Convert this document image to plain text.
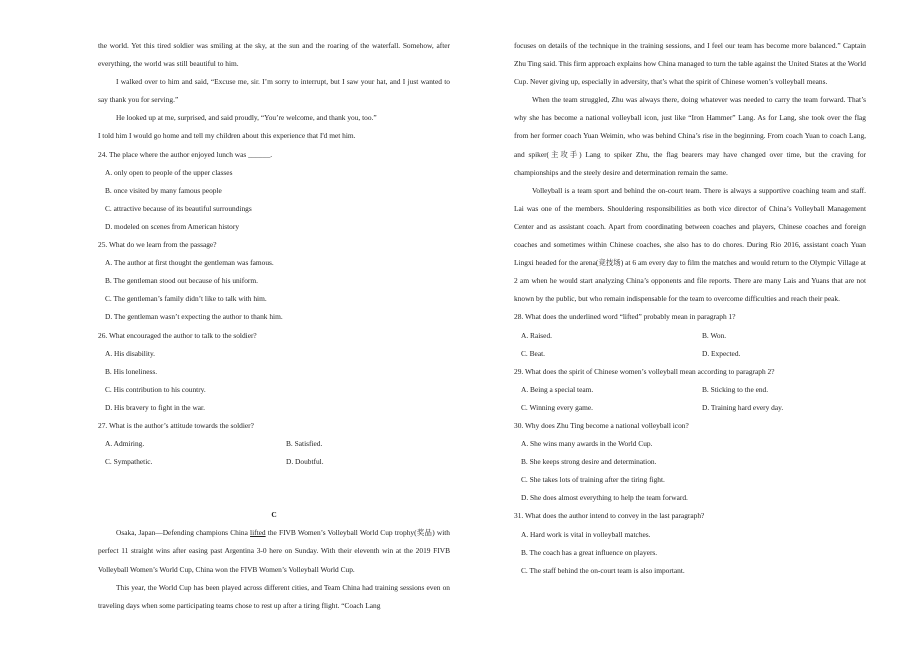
the world. Yet this tired soldier was smiling at the sky, at the sun and the roaring of the waterfall. Somehow, after everything, the world was still beautiful to him.

I walked over to him and said, “Excuse me, sir. I’m sorry to interrupt, but I saw your hat, and I just wanted to say thank you for serving.”

He looked up at me, surprised, and said proudly, “You’re welcome, and thank you, too.”

I told him I would go home and tell my children about this experience that I'd met him.

24. The place where the author enjoyed lunch was ______.

A. only open to people of the upper classes

B. once visited by many famous people

C. attractive because of its beautiful surroundings

D. modeled on scenes from American history

25. What do we learn from the passage?

A. The author at first thought the gentleman was famous.

B. The gentleman stood out because of his uniform.

C. The gentleman’s family didn’t like to talk with him.

D. The gentleman wasn’t expecting the author to thank him.

26. What encouraged the author to talk to the soldier?

A. His disability.

B. His loneliness.

C. His contribution to his country.

D. His bravery to fight in the war.

27. What is the author’s attitude towards the soldier?

A. Admiring.	B. Satisfied.

C. Sympathetic.	D. Doubtful.

C

Osaka, Japan—Defending champions China lifted the FIVB Women’s Volleyball World Cup trophy(奖品) with perfect 11 straight wins after easing past Argentina 3-0 here on Sunday. With their eleventh win at the 2019 FIVB Volleyball Women’s World Cup, China won the FIVB Women’s Volleyball World Cup.

This year, the World Cup has been played across different cities, and Team China had training sessions even on traveling days when some participating teams chose to rest up after a tiring flight. “Coach Lang

focuses on details of the technique in the training sessions, and I feel our team has become more balanced.” Captain Zhu Ting said. This firm approach explains how China managed to turn the table against the United States at the World Cup. Never giving up, especially in adversity, that’s what the spirit of Chinese women’s volleyball means.

When the team struggled, Zhu was always there, doing whatever was needed to carry the team forward. That’s why she has become a national volleyball icon, just like “Iron Hammer” Lang. As for Lang, she took over the flag from her former coach Yuan Weimin, who was behind China’s rise in the beginning. From coach Yuan to coach Lang, and spiker(主攻手) Lang to spiker Zhu, the flag bearers may have changed over time, but the craving for championships and the steely desire and determination remain the same.

Volleyball is a team sport and behind the on-court team. There is always a supportive coaching team and staff. Lai was one of the members. Shouldering responsibilities as both vice director of China’s Volleyball Management Center and as assistant coach. Apart from coordinating between coaches and players, Chinese coaches and foreign coaches and sometimes within Chinese coaches, she also has to do chores. During Rio 2016, assistant coach Yuan Lingxi headed for the arena(竞技场) at 6 am every day to film the matches and would return to the Olympic Village at 2 am when he would start analyzing China’s opponents and file reports. There are many Lais and Yuans that are not known by the public, but who remain indispensable for the team to overcome difficulties and reach their peak.

28. What does the underlined word “lifted” probably mean in paragraph 1?

A. Raised.	B. Won.

C. Beat.	D. Expected.

29. What does the spirit of Chinese women’s volleyball mean according to paragraph 2?

A. Being a special team.	B. Sticking to the end.

C. Winning every game.	D. Training hard every day.

30. Why does Zhu Ting become a national volleyball icon?

A. She wins many awards in the World Cup.

B. She keeps strong desire and determination.

C. She takes lots of training after the tiring fight.

D. She does almost everything to help the team forward.

31. What does the author intend to convey in the last paragraph?

A. Hard work is vital in volleyball matches.

B. The coach has a great influence on players.

C. The staff behind the on-court team is also important.
